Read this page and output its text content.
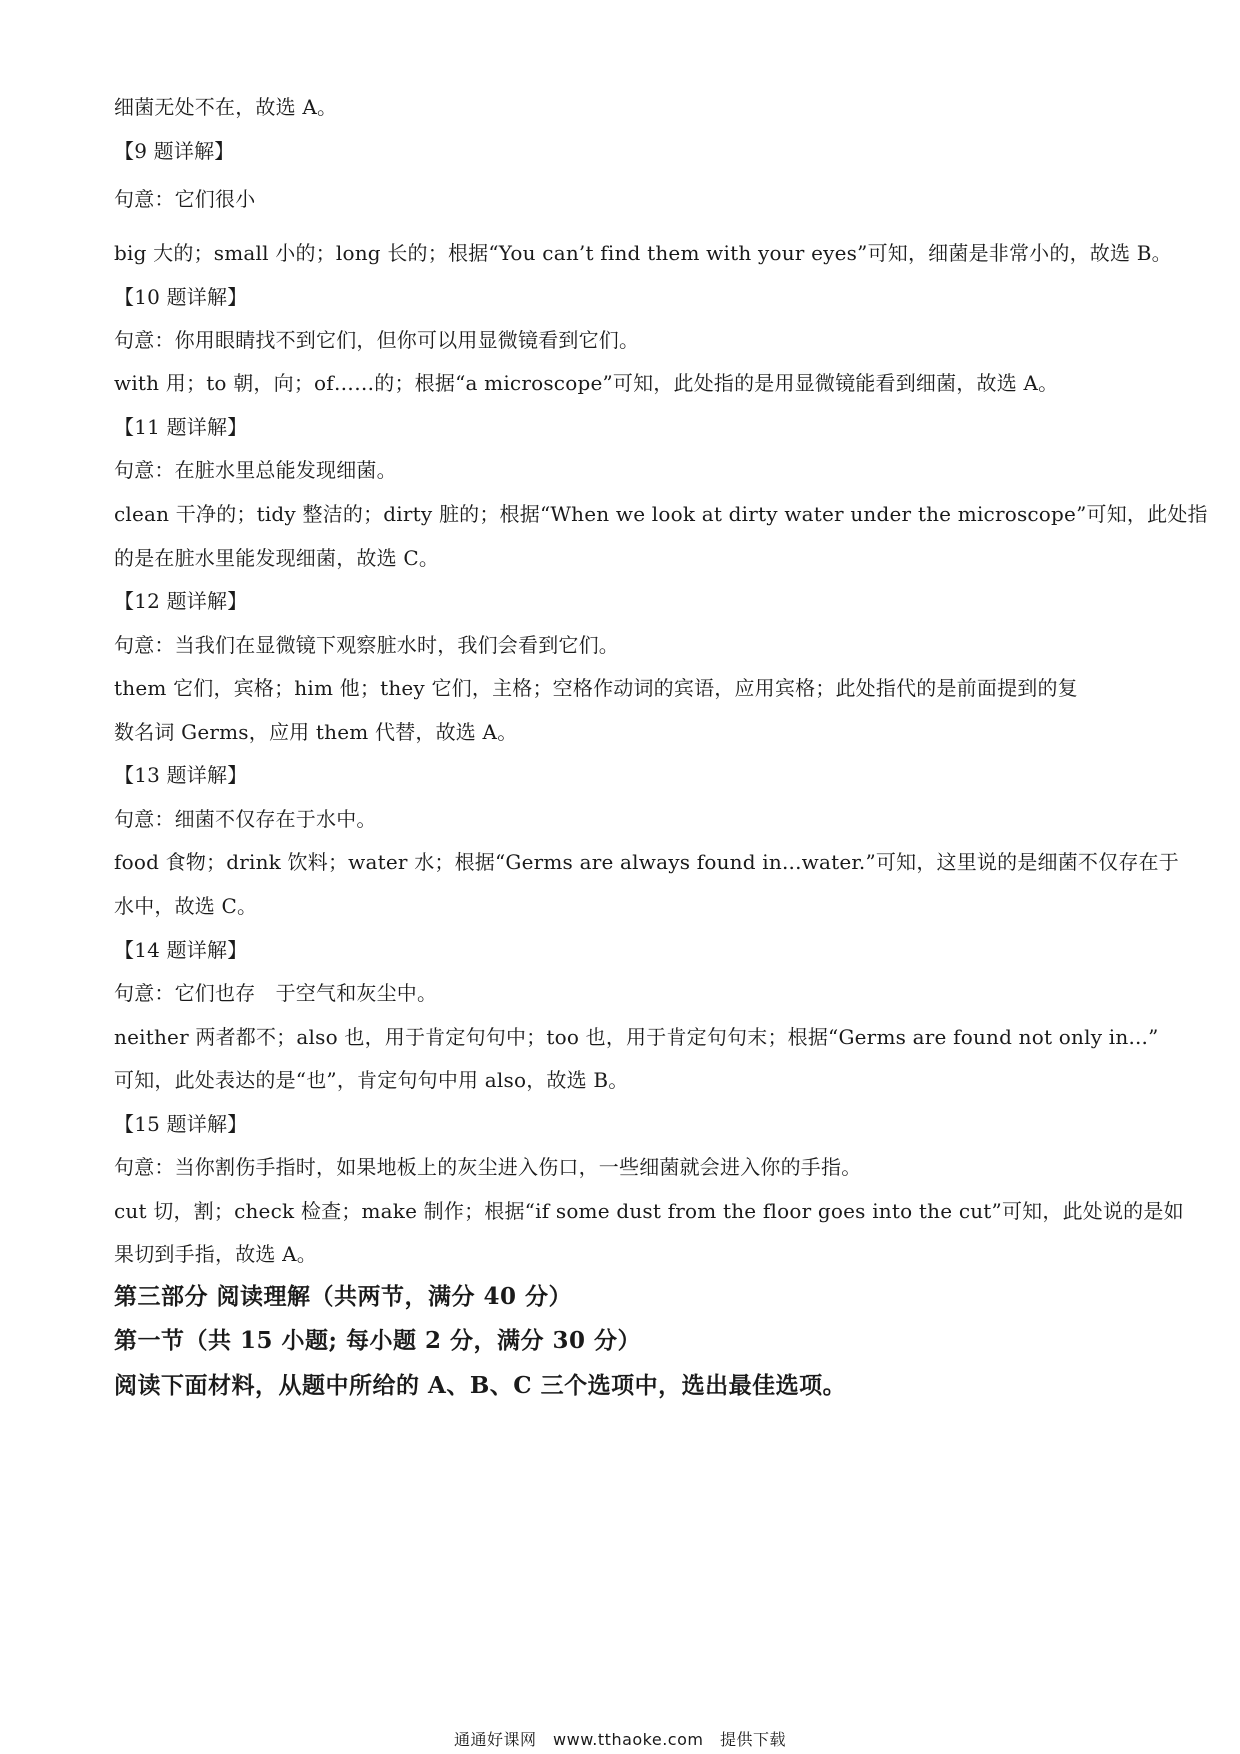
细菌无处不在，故选 A。
【9 题详解】
句意：它们很小
big 大的；small 小的；long 长的；根据“You can’t find them with your eyes”可知，细菌是非常小的，故选 B。
【10 题详解】
句意：你用眼睛找不到它们，但你可以用显微镜看到它们。
with 用；to 朝，向；of……的；根据“a microscope”可知，此处指的是用显微镜能看到细菌，故选 A。
【11 题详解】
句意：在脏水里总能发现细菌。
clean 干净的；tidy 整洁的；dirty 脏的；根据“When we look at dirty water under the microscope”可知，此处指
的是在脏水里能发现细菌，故选 C。
【12 题详解】
句意：当我们在显微镜下观察脏水时，我们会看到它们。
them 它们，宾格；him 他；they 它们，主格；空格作动词的宾语，应用宾格；此处指代的是前面提到的复
数名词 Germs，应用 them 代替，故选 A。
【13 题详解】
句意：细菌不仅存在于水中。
food 食物；drink 饮料；water 水；根据“Germs are always found in...water.”可知，这里说的是细菌不仅存在于
水中，故选 C。
【14 题详解】
句意：它们也存　于空气和灰尘中。
neither 两者都不；also 也，用于肯定句句中；too 也，用于肯定句句末；根据“Germs are found not only in...”
可知，此处表达的是“也”，肯定句句中用 also，故选 B。
【15 题详解】
句意：当你割伤手指时，如果地板上的灰尘进入伤口，一些细菌就会进入你的手指。
cut 切，割；check 检查；make 制作；根据“if some dust from the floor goes into the cut”可知，此处说的是如
果切到手指，故选 A。
第三部分 阅读理解（共两节，满分 40 分）
第一节（共 15 小题; 每小题 2 分，满分 30 分）
阅读下面材料，从题中所给的 A、B、C 三个选项中，选出最佳选项。
通通好课网　www.tthaoke.com　提供下载
